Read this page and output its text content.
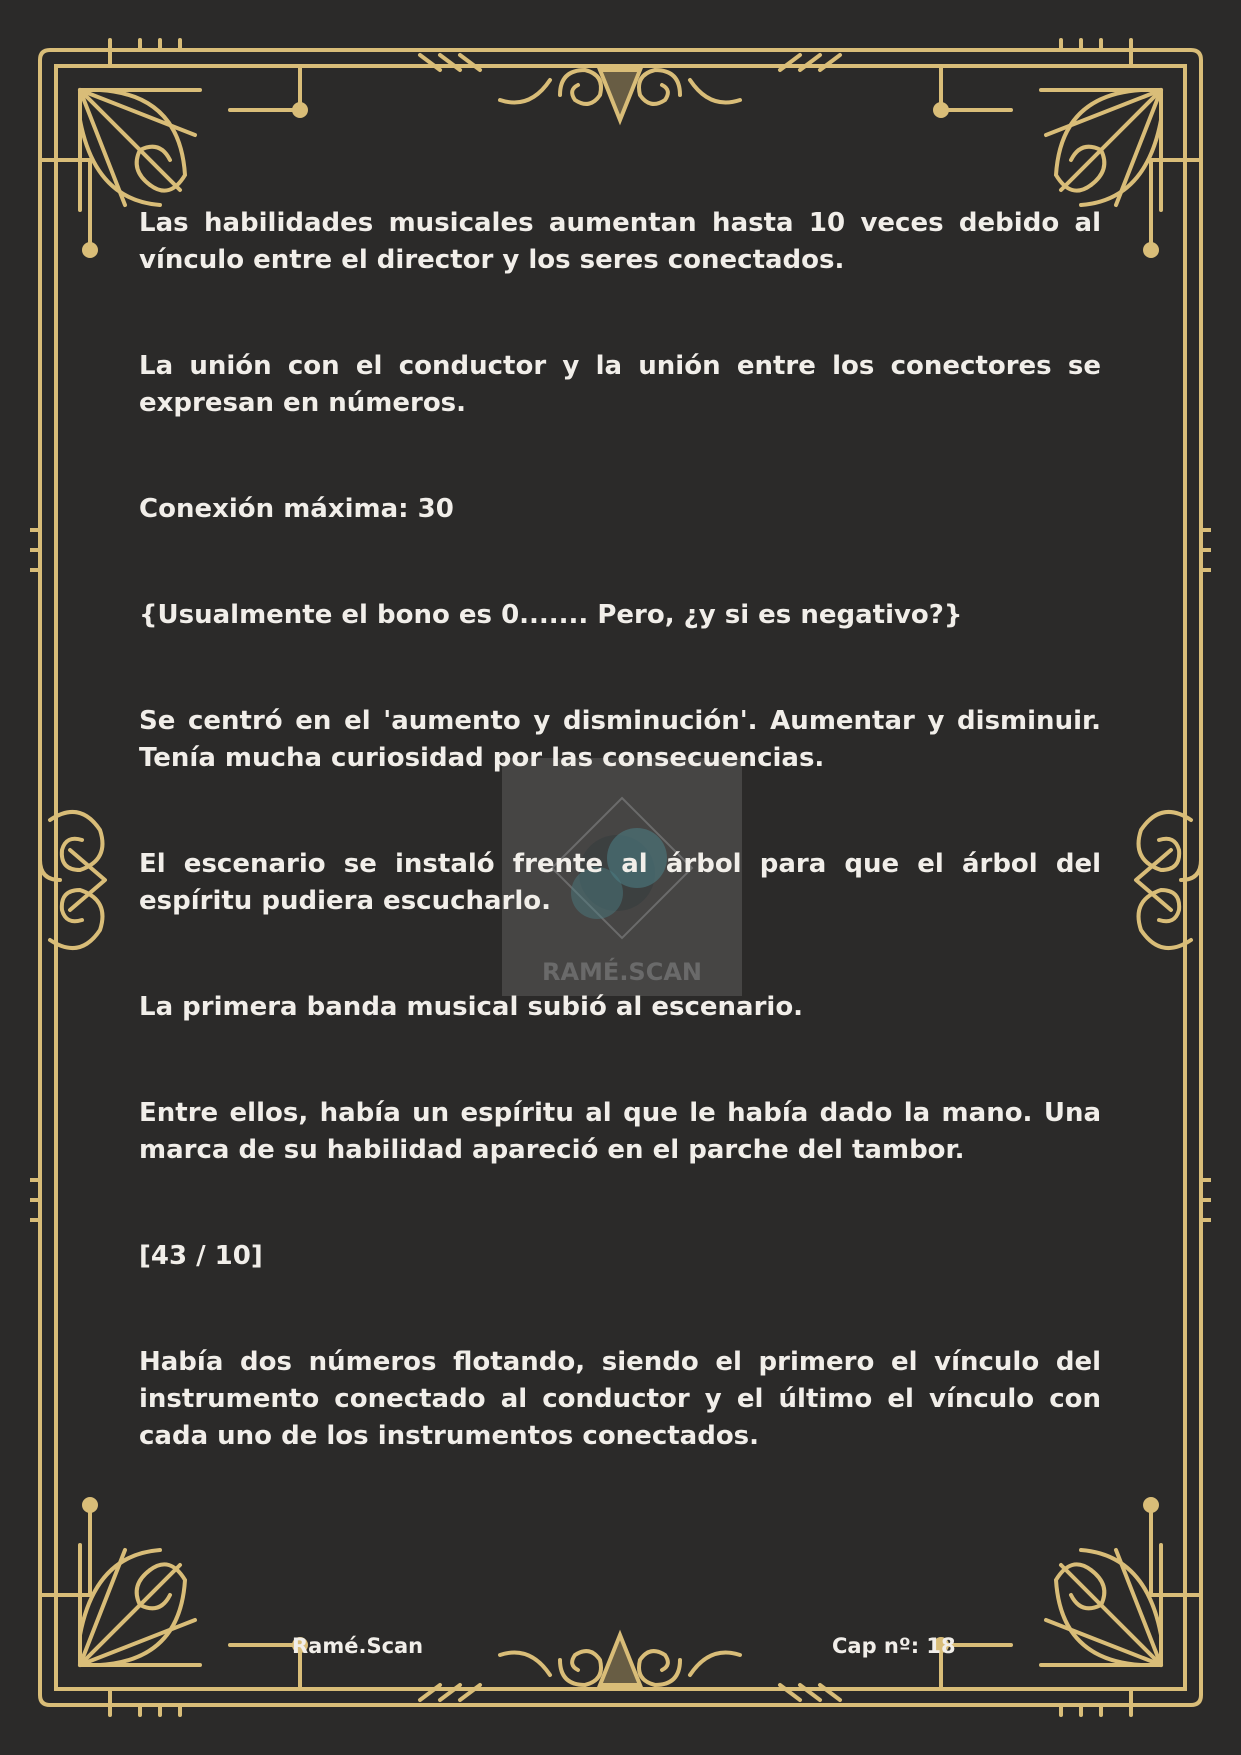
RAMÉ.SCAN

Las habilidades musicales aumentan hasta 10 veces debido al vínculo entre el director y los seres conectados.

La unión con el conductor y la unión entre los conectores se expresan en números.

Conexión máxima: 30

{Usualmente el bono es 0....... Pero, ¿y si es negativo?}

Se centró en el 'aumento y disminución'. Aumentar y disminuir. Tenía mucha curiosidad por las consecuencias.

El escenario se instaló frente al árbol para que el árbol del espíritu pudiera escucharlo.

La primera banda musical subió al escenario.

Entre ellos, había un espíritu al que le había dado la mano. Una marca de su habilidad apareció en el parche del tambor.

[43 / 10]

Había dos números flotando, siendo el primero el vínculo del instrumento conectado al conductor y el último el vínculo con cada uno de los instrumentos conectados.

Ramé.Scan	Cap nº: 18
